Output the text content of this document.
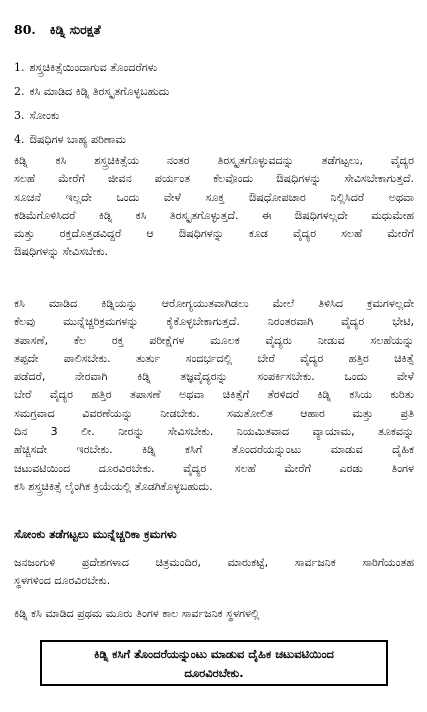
80. ಕಿಡ್ನಿ ಸುರಕ್ಷತೆ
1. ಶಸ್ತ್ರಚಿಕಿತ್ಸೆಯಿಂದಾಗುವ ತೊಂದರೆಗಳು
2. ಕಸಿ ಮಾಡಿದ ಕಿಡ್ನಿ ತಿರಸ್ಕೃತಗೊಳ್ಳಬಹುದು
3. ಸೋಂಕು
4. ಔಷಧಿಗಳ ಬಾಹ್ಯ ಪರಿಣಾಮ

ಕಿಡ್ನಿ ಕಸಿ ಶಸ್ತ್ರಚಿಕಿತ್ಸೆಯ ನಂತರ ತಿರಸ್ಕೃತಗೊಳ್ಳುವದನ್ನು ತಡೆಗಟ್ಟಲು, ವೈದ್ಯರ
ಸಲಹೆ ಮೇರೆಗೆ ಜೀವನ ಪರ್ಯಂತ ಕೆಲವೊಂದು ಔಷಧಿಗಳನ್ನು ಸೇವಿಸಬೇಕಾಗುತ್ತದೆ.
ಸೂಚನೆ ಇಲ್ಲದೇ ಒಂದು ವೇಳೆ ಸೂಕ್ತ ಔಷಧೋಪಚಾರ ನಿಲ್ಲಿಸಿದರೆ ಅಥವಾ
ಕಡಿಮೆಗೊಳಿಸಿದರೆ ಕಿಡ್ನಿ ಕಸಿ ತಿರಸ್ಕೃತಗೊಳ್ಳುತ್ತದೆ. ಈ ಔಷಧಿಗಳಲ್ಲದೇ ಮಧುಮೇಹ
ಮತ್ತು ರಕ್ತದೊತ್ತಡವಿದ್ದರೆ ಆ ಔಷಧಿಗಳನ್ನು ಕೂಡ ವೈದ್ಯರ ಸಲಹೆ ಮೇರೆಗೆ
ಔಷಧಿಗಳನ್ನು ಸೇವಿಸಬೇಕು.

ಕಸಿ ಮಾಡಿದ ಕಿಡ್ನಿಯನ್ನು ಆರೋಗ್ಯಯುತವಾಗಿಡಲು ಮೇಲೆ ತಿಳಿಸಿದ ಕ್ರಮಗಳಲ್ಲದೇ
ಕೆಲವು ಮುನ್ನೆಚ್ಚರಿಕ್ರಮಗಳನ್ನು ಕೈಕೊಳ್ಳಬೇಕಾಗುತ್ತದೆ. ನಿರಂತರವಾಗಿ ವೈದ್ಯರ ಭೇಟಿ,
ತಪಾಸಣೆ, ಕೆಲ ರಕ್ತ ಪರೀಕ್ಷೆಗಳ ಮೂಲಕ ವೈದ್ಯರು ನೀಡುವ ಸಲಹೆಯನ್ನು
ತಪ್ಪದೇ ಪಾಲಿಸಬೇಕು. ತುರ್ತು ಸಂದರ್ಭದಲ್ಲಿ ಬೇರೆ ವೈದ್ಯರ ಹತ್ತಿರ ಚಿಕಿತ್ಸೆ
ಪಡೆದರೆ, ನೇರವಾಗಿ ಕಿಡ್ನಿ ತಜ್ಞವೈದ್ಯರನ್ನು ಸಂಪರ್ಕಿಸಬೇಕು. ಒಂದು ವೇಳೆ
ಬೇರೆ ವೈದ್ಯರ ಹತ್ತಿರ ತಪಾಸಣೆ ಅಥವಾ ಚಿಕಿತ್ಸೆಗೆ ತೆರಳಿದರೆ ಕಿಡ್ನಿ ಕಸಿಯ ಕುರಿತು
ಸಮಗ್ರವಾದ ವಿವರಣೆಯನ್ನು ನೀಡಬೇಕು. ಸಮತೋಲಿತ ಆಹಾರ ಮತ್ತು ಪ್ರತಿ
ದಿನ 3 ಲೀ. ನೀರನ್ನು ಸೇವಿಸಬೇಕು. ನಿಯಮಿತವಾದ ವ್ಯಾಯಾಮ, ತೂಕವನ್ನು
ಹೆಚ್ಚಿಸದೇ ಇರಬೇಕು. ಕಿಡ್ನಿ ಕಸಿಗೆ ತೊಂದರೆಯನ್ನುಂಟು ಮಾಡುವ ದೈಹಿಕ
ಚಟುವಟಿಯಿಂದ ದೂರವಿರಬೇಕು. ವೈದ್ಯರ ಸಲಹೆ ಮೇರೆಗೆ ಎರಡು ತಿಂಗಳ
ಕಸಿ ಶಸ್ತ್ರಚಿಕಿತ್ಸೆ ಲೈಂಗಿಕ ಕ್ರಿಯೆಯಲ್ಲಿ ತೊಡಗಿಕೊಳ್ಳಬಹುದು.

ಸೋಂಕು ತಡೆಗಟ್ಟಲು ಮುನ್ನೆಚ್ಚರಿಕಾ ಕ್ರಮಗಳು

ಜನಜಂಗುಳಿ ಪ್ರದೇಶಗಳಾದ ಚಿತ್ರಮಂದಿರ, ಮಾರುಕಟ್ಟೆ, ಸಾರ್ವಜನಿಕ ಸಾರಿಗೆಯಂತಹ
ಸ್ಥಳಗಳಿಂದ ದೂರವಿರಬೇಕು.

ಕಿಡ್ನಿ ಕಸಿ ಮಾಡಿದ ಪ್ರಥಮ ಮೂರು ತಿಂಗಳ ಕಾಲ ಸಾರ್ವಜನಿಕ ಸ್ಥಳಗಳಲ್ಲಿ

ಕಿಡ್ನಿ ಕಸಿಗೆ ತೊಂದರೆಯನ್ನುಂಟು ಮಾಡುವ ದೈಹಿಕ ಚಟುವಟಿಯಿಂದ
ದೂರವಿರಬೇಕು.
